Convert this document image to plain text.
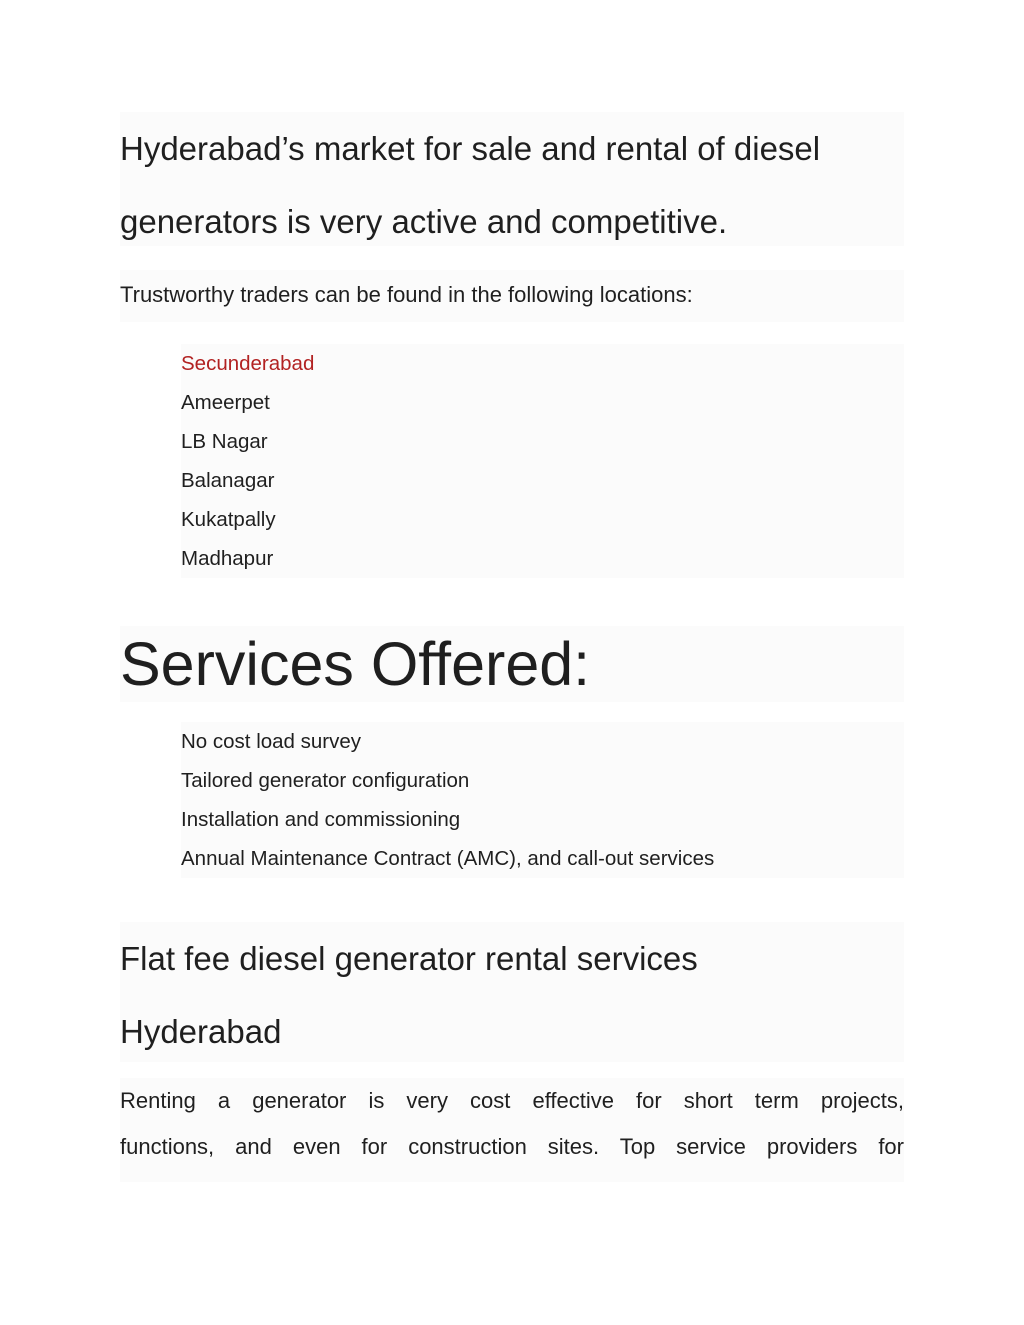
Hyderabad’s market for sale and rental of diesel
generators is very active and competitive.

Trustworthy traders can be found in the following locations:

Secunderabad
Ameerpet
LB Nagar
Balanagar
Kukatpally
Madhapur
Services Offered:
No cost load survey
Tailored generator configuration
Installation and commissioning
Annual Maintenance Contract (AMC), and call-out services
Flat fee diesel generator rental services
Hyderabad
Renting a generator is very cost effective for short term projects,
functions, and even for construction sites. Top service providers for
